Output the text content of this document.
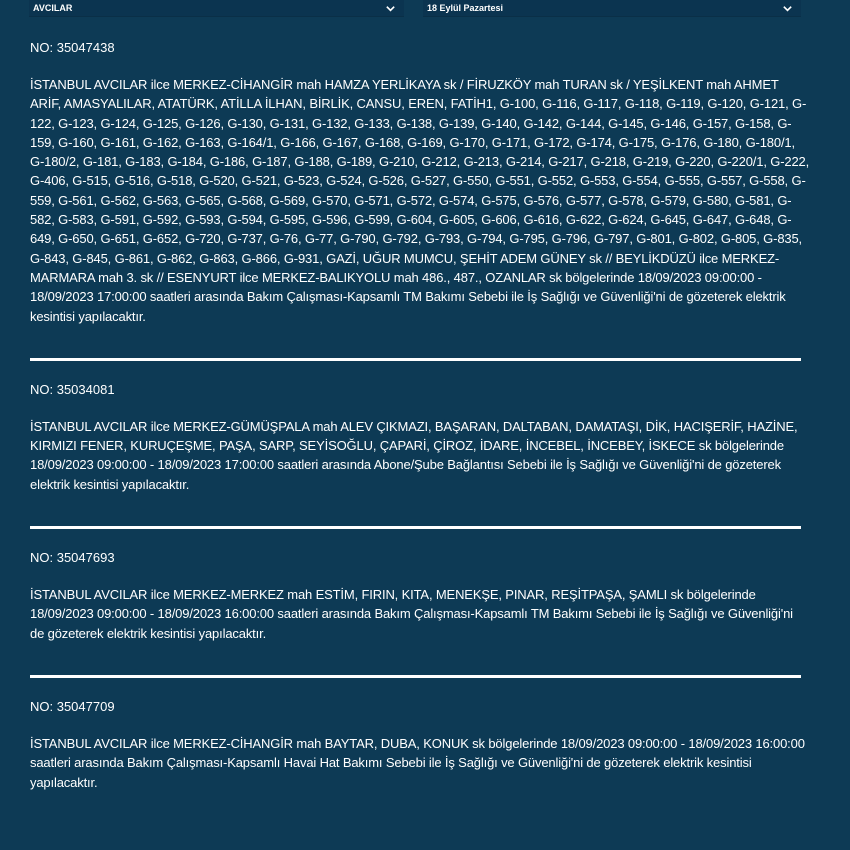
AVCILAR	18 Eylül Pazartesi
NO: 35047438
İSTANBUL AVCILAR ilce MERKEZ-CİHANGİR mah HAMZA YERLİKAYA sk / FİRUZKÖY mah TURAN sk / YEŞİLKENT mah AHMET ARİF, AMASYALILAR, ATATÜRK, ATİLLA İLHAN, BİRLİK, CANSU, EREN, FATİH1, G-100, G-116, G-117, G-118, G-119, G-120, G-121, G-122, G-123, G-124, G-125, G-126, G-130, G-131, G-132, G-133, G-138, G-139, G-140, G-142, G-144, G-145, G-146, G-157, G-158, G-159, G-160, G-161, G-162, G-163, G-164/1, G-166, G-167, G-168, G-169, G-170, G-171, G-172, G-174, G-175, G-176, G-180, G-180/1, G-180/2, G-181, G-183, G-184, G-186, G-187, G-188, G-189, G-210, G-212, G-213, G-214, G-217, G-218, G-219, G-220, G-220/1, G-222, G-406, G-515, G-516, G-518, G-520, G-521, G-523, G-524, G-526, G-527, G-550, G-551, G-552, G-553, G-554, G-555, G-557, G-558, G-559, G-561, G-562, G-563, G-565, G-568, G-569, G-570, G-571, G-572, G-574, G-575, G-576, G-577, G-578, G-579, G-580, G-581, G-582, G-583, G-591, G-592, G-593, G-594, G-595, G-596, G-599, G-604, G-605, G-606, G-616, G-622, G-624, G-645, G-647, G-648, G-649, G-650, G-651, G-652, G-720, G-737, G-76, G-77, G-790, G-792, G-793, G-794, G-795, G-796, G-797, G-801, G-802, G-805, G-835, G-843, G-845, G-861, G-862, G-863, G-866, G-931, GAZİ, UĞUR MUMCU, ŞEHİT ADEM GÜNEY sk // BEYLİKDÜZÜ ilce MERKEZ-MARMARA mah 3. sk // ESENYURT ilce MERKEZ-BALIKYOLU mah 486., 487., OZANLAR sk bölgelerinde 18/09/2023 09:00:00 - 18/09/2023 17:00:00 saatleri arasında Bakım Çalışması-Kapsamlı TM Bakımı Sebebi ile İş Sağlığı ve Güvenliği'ni de gözeterek elektrik kesintisi yapılacaktır.
NO: 35034081
İSTANBUL AVCILAR ilce MERKEZ-GÜMÜŞPALA mah ALEV ÇIKMAZI, BAŞARAN, DALTABAN, DAMATAŞI, DİK, HACIŞERİF, HAZİNE, KIRMIZI FENER, KURUÇEŞME, PAŞA, SARP, SEYİSOĞLU, ÇAPARİ, ÇİROZ, İDARE, İNCEBEL, İNCEBEY, İSKECE sk bölgelerinde 18/09/2023 09:00:00 - 18/09/2023 17:00:00 saatleri arasında Abone/Şube Bağlantısı Sebebi ile İş Sağlığı ve Güvenliği'ni de gözeterek elektrik kesintisi yapılacaktır.
NO: 35047693
İSTANBUL AVCILAR ilce MERKEZ-MERKEZ mah ESTİM, FIRIN, KITA, MENEKŞE, PINAR, REŞİTPAŞA, ŞAMLI sk bölgelerinde 18/09/2023 09:00:00 - 18/09/2023 16:00:00 saatleri arasında Bakım Çalışması-Kapsamlı TM Bakımı Sebebi ile İş Sağlığı ve Güvenliği'ni de gözeterek elektrik kesintisi yapılacaktır.
NO: 35047709
İSTANBUL AVCILAR ilce MERKEZ-CİHANGİR mah BAYTAR, DUBA, KONUK sk bölgelerinde 18/09/2023 09:00:00 - 18/09/2023 16:00:00 saatleri arasında Bakım Çalışması-Kapsamlı Havai Hat Bakımı Sebebi ile İş Sağlığı ve Güvenliği'ni de gözeterek elektrik kesintisi yapılacaktır.
